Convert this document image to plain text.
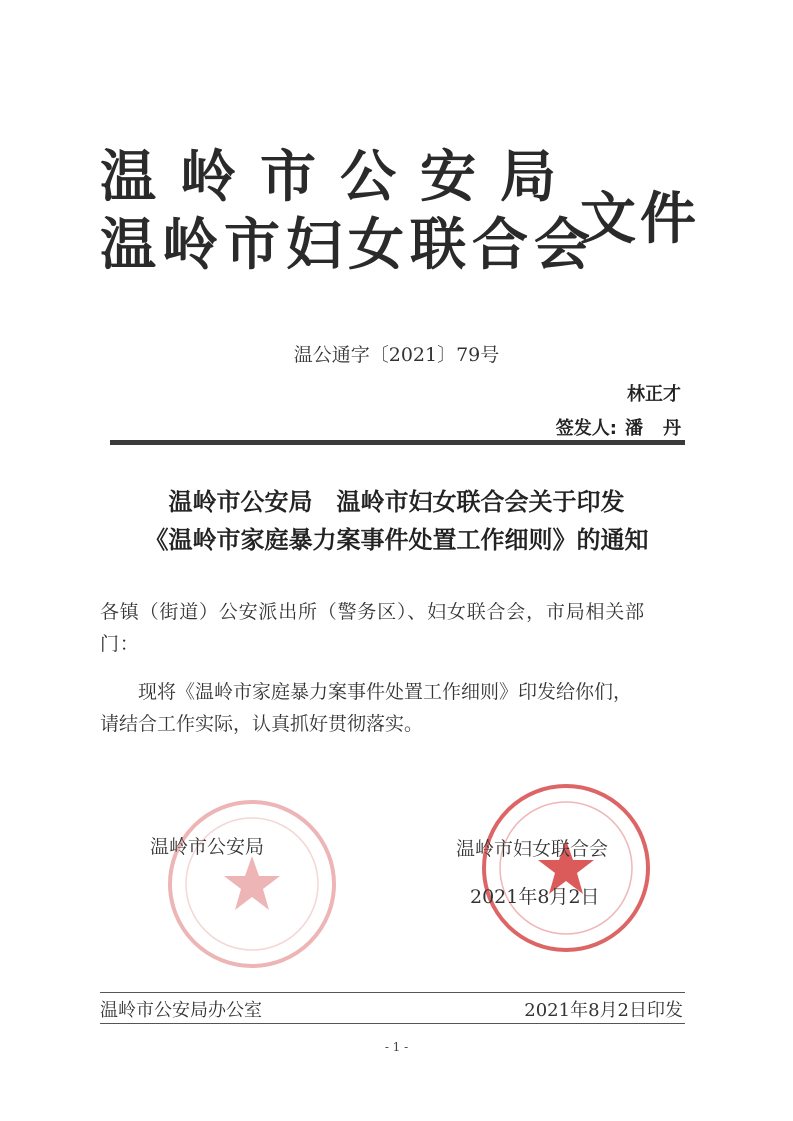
温岭市公安局
温岭市妇女联合会
文件
温公通字〔2021〕79号
林正才
签发人: 潘丹
温岭市公安局　温岭市妇女联合会关于印发
《温岭市家庭暴力案事件处置工作细则》的通知
各镇（街道）公安派出所（警务区）、妇女联合会，市局相关部
门：
现将《温岭市家庭暴力案事件处置工作细则》印发给你们，
请结合工作实际，认真抓好贯彻落实。
温岭市公安局	温岭市妇女联合会
2021年8月2日
温岭市公安局办公室	2021年8月2日印发
- 1 -
